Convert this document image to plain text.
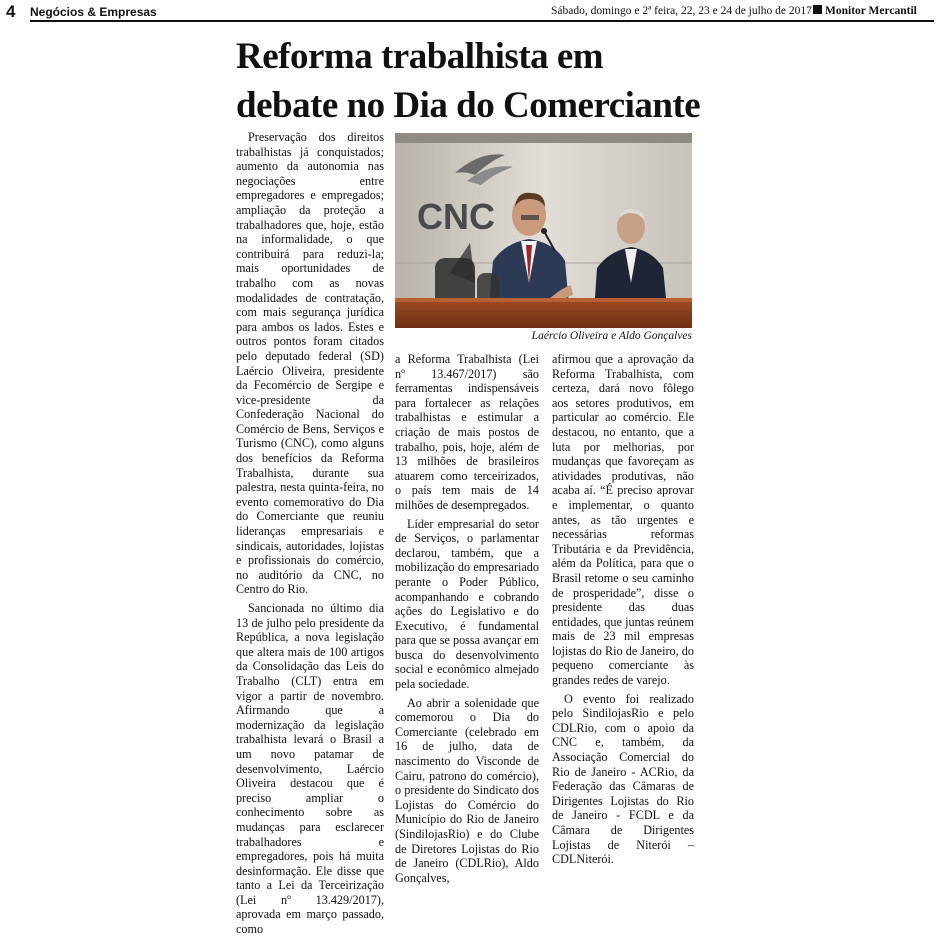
4 Negócios & Empresas	Sábado, domingo e 2ª feira, 22, 23 e 24 de julho de 2017	Monitor Mercantil
Reforma trabalhista em
debate no Dia do Comerciante

Preservação dos direitos trabalhistas já conquistados; aumento da autonomia nas negociações entre empregadores e empregados; ampliação da proteção a trabalhadores que, hoje, estão na informalidade, o que contribuirá para reduzi-la; mais oportunidades de trabalho com as novas modalidades de contratação, com mais segurança jurídica para ambos os lados. Estes e outros pontos foram citados pelo deputado federal (SD) Laércio Oliveira, presidente da Fecomércio de Sergipe e vice-presidente da Confederação Nacional do Comércio de Bens, Serviços e Turismo (CNC), como alguns dos benefícios da Reforma Trabalhista, durante sua palestra, nesta quinta-feira, no evento comemorativo do Dia do Comerciante que reuniu lideranças empresariais e sindicais, autoridades, lojistas e profissionais do comércio, no auditório da CNC, no Centro do Rio.

Sancionada no último dia 13 de julho pelo presidente da República, a nova legislação que altera mais de 100 artigos da Consolidação das Leis do Trabalho (CLT) entra em vigor a partir de novembro. Afirmando que a modernização da legislação trabalhista levará o Brasil a um novo patamar de desenvolvimento, Laércio Oliveira destacou que é preciso ampliar o conhecimento sobre as mudanças para esclarecer trabalhadores e empregadores, pois há muita desinformação. Ele disse que tanto a Lei da Terceirização (Lei nº 13.429/2017), aprovada em março passado, como

CNC
Laércio Oliveira e Aldo Gonçalves

a Reforma Trabalhista (Lei nº 13.467/2017) são ferramentas indispensáveis para fortalecer as relações trabalhistas e estimular a criação de mais postos de trabalho, pois, hoje, além de 13 milhões de brasileiros atuarem como terceirizados, o país tem mais de 14 milhões de desempregados.

Líder empresarial do setor de Serviços, o parlamentar declarou, também, que a mobilização do empresariado perante o Poder Público, acompanhando e cobrando ações do Legislativo e do Executivo, é fundamental para que se possa avançar em busca do desenvolvimento social e econômico almejado pela sociedade.

Ao abrir a solenidade que comemorou o Dia do Comerciante (celebrado em 16 de julho, data de nascimento do Visconde de Cairu, patrono do comércio), o presidente do Sindicato dos Lojistas do Comércio do Município do Rio de Janeiro (SindilojasRio) e do Clube de Diretores Lojistas do Rio de Janeiro (CDLRio), Aldo Gonçalves,

afirmou que a aprovação da Reforma Trabalhista, com certeza, dará novo fôlego aos setores produtivos, em particular ao comércio. Ele destacou, no entanto, que a luta por melhorias, por mudanças que favoreçam as atividades produtivas, não acaba aí. “É preciso aprovar e implementar, o quanto antes, as tão urgentes e necessárias reformas Tributária e da Previdência, além da Política, para que o Brasil retome o seu caminho de prosperidade”, disse o presidente das duas entidades, que juntas reúnem mais de 23 mil empresas lojistas do Rio de Janeiro, do pequeno comerciante às grandes redes de varejo.

O evento foi realizado pelo SindilojasRio e pelo CDLRio, com o apoio da CNC e, também, da Associação Comercial do Rio de Janeiro - ACRio, da Federação das Câmaras de Dirigentes Lojistas do Rio de Janeiro - FCDL e da Câmara de Dirigentes Lojistas de Niterói – CDLNiterói.
